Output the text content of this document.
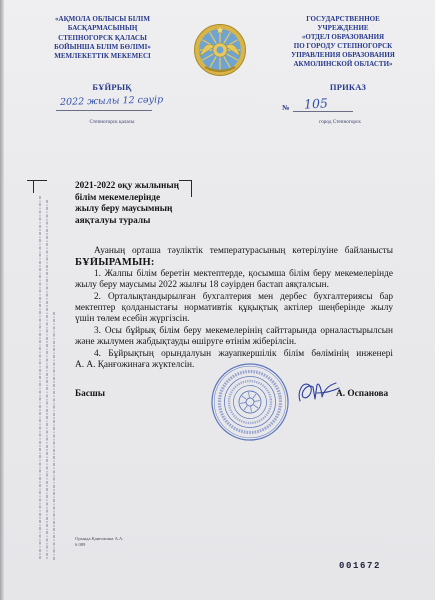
«АҚМОЛА ОБЛЫСЫ БІЛІМ
БАСҚАРМАСЫНЫҢ
СТЕПНОГОРСК ҚАЛАСЫ
БОЙЫНША БІЛІМ БӨЛІМІ»
МЕМЛЕКЕТТІК МЕКЕМЕСІ
ГОСУДАРСТВЕННОЕ
УЧРЕЖДЕНИЕ
«ОТДЕЛ ОБРАЗОВАНИЯ
ПО ГОРОДУ СТЕПНОГОРСК
УПРАВЛЕНИЯ ОБРАЗОВАНИЯ
АКМОЛИНСКОЙ ОБЛАСТИ»
БҰЙРЫҚ	ПРИКАЗ
2022 жылы 12 сәуір	№ 105
Степногорск қаласы	город Степногорск
2021-2022 оқу жылының
білім мекемелерінде
жылу беру маусымның
аяқталуы туралы
Ауаның орташа тәуліктік температурасының көтерілуіне байланысты
БҰЙЫРАМЫН:
1. Жалпы білім беретін мектептерде, қосымша білім беру мекемелерінде
жылу беру маусымы 2022 жылғы 18 сәуірден бастап аяқталсын.
2. Орталықтандырылған бухгалтерия мен дербес бухгалтериясы бар
мектептер қолданыстағы нормативтік құқықтық актілер шеңберінде жылу
үшін төлем есебін жүргізсін.
3. Осы бұйрық білім беру мекемелерінің сайттарында орналастырылсын
және жылумен жабдықтауды өшіруге өтінім жіберілсін.
4. Бұйрықтың орындалуын жауапкершілік білім бөлімінің инженері
А. А. Қанғожинаға жүктелсін.
Басшы	А. Оспанова
Орында.Қанғожина А.А.
6 089
001672
